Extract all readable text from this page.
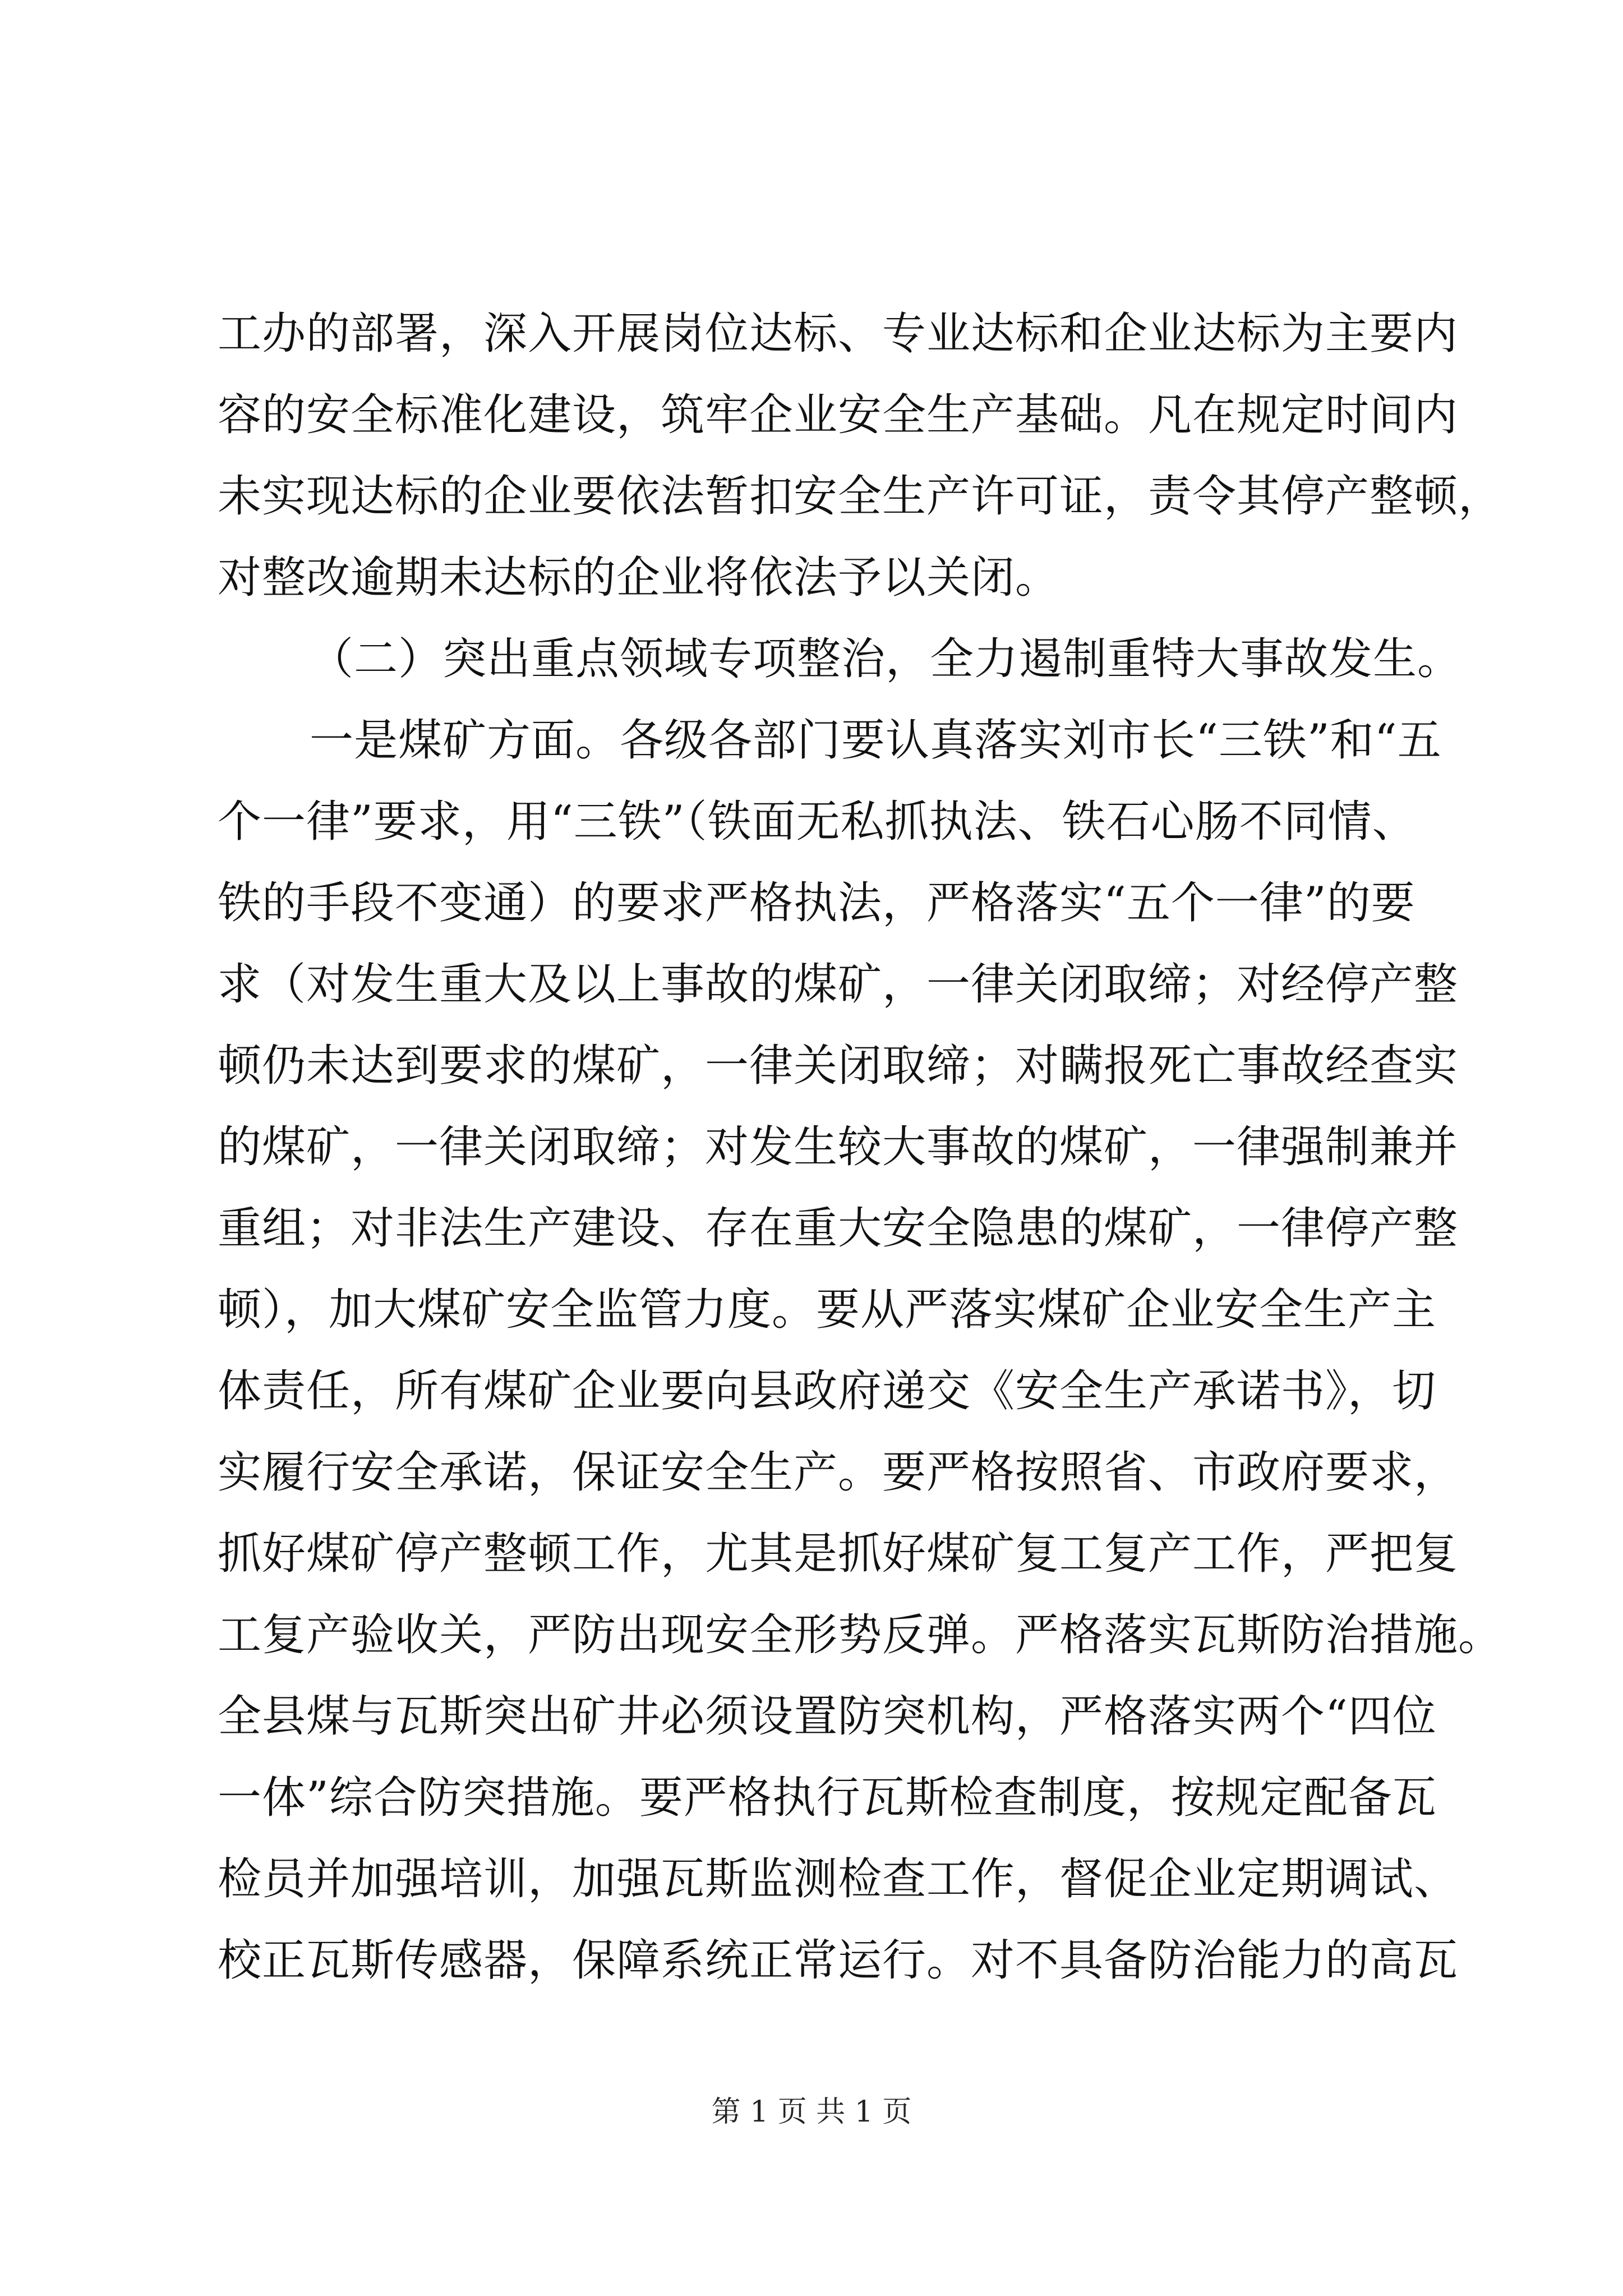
工办的部署，深入开展岗位达标、专业达标和企业达标为主要内
容的安全标准化建设，筑牢企业安全生产基础。凡在规定时间内
未实现达标的企业要依法暂扣安全生产许可证，责令其停产整顿，
对整改逾期未达标的企业将依法予以关闭。
（二）突出重点领域专项整治，全力遏制重特大事故发生。
一是煤矿方面。各级各部门要认真落实刘市长“三铁”和“五
个一律”要求，用“三铁”（铁面无私抓执法、铁石心肠不同情、
铁的手段不变通）的要求严格执法，严格落实“五个一律”的要
求（对发生重大及以上事故的煤矿，一律关闭取缔；对经停产整
顿仍未达到要求的煤矿，一律关闭取缔；对瞒报死亡事故经查实
的煤矿，一律关闭取缔；对发生较大事故的煤矿，一律强制兼并
重组；对非法生产建设、存在重大安全隐患的煤矿，一律停产整
顿），加大煤矿安全监管力度。要从严落实煤矿企业安全生产主
体责任，所有煤矿企业要向县政府递交《安全生产承诺书》，切
实履行安全承诺，保证安全生产。要严格按照省、市政府要求，
抓好煤矿停产整顿工作，尤其是抓好煤矿复工复产工作，严把复
工复产验收关，严防出现安全形势反弹。严格落实瓦斯防治措施。
全县煤与瓦斯突出矿井必须设置防突机构，严格落实两个“四位
一体”综合防突措施。要严格执行瓦斯检查制度，按规定配备瓦
检员并加强培训，加强瓦斯监测检查工作，督促企业定期调试、
校正瓦斯传感器，保障系统正常运行。对不具备防治能力的高瓦
第 1 页 共 1 页
